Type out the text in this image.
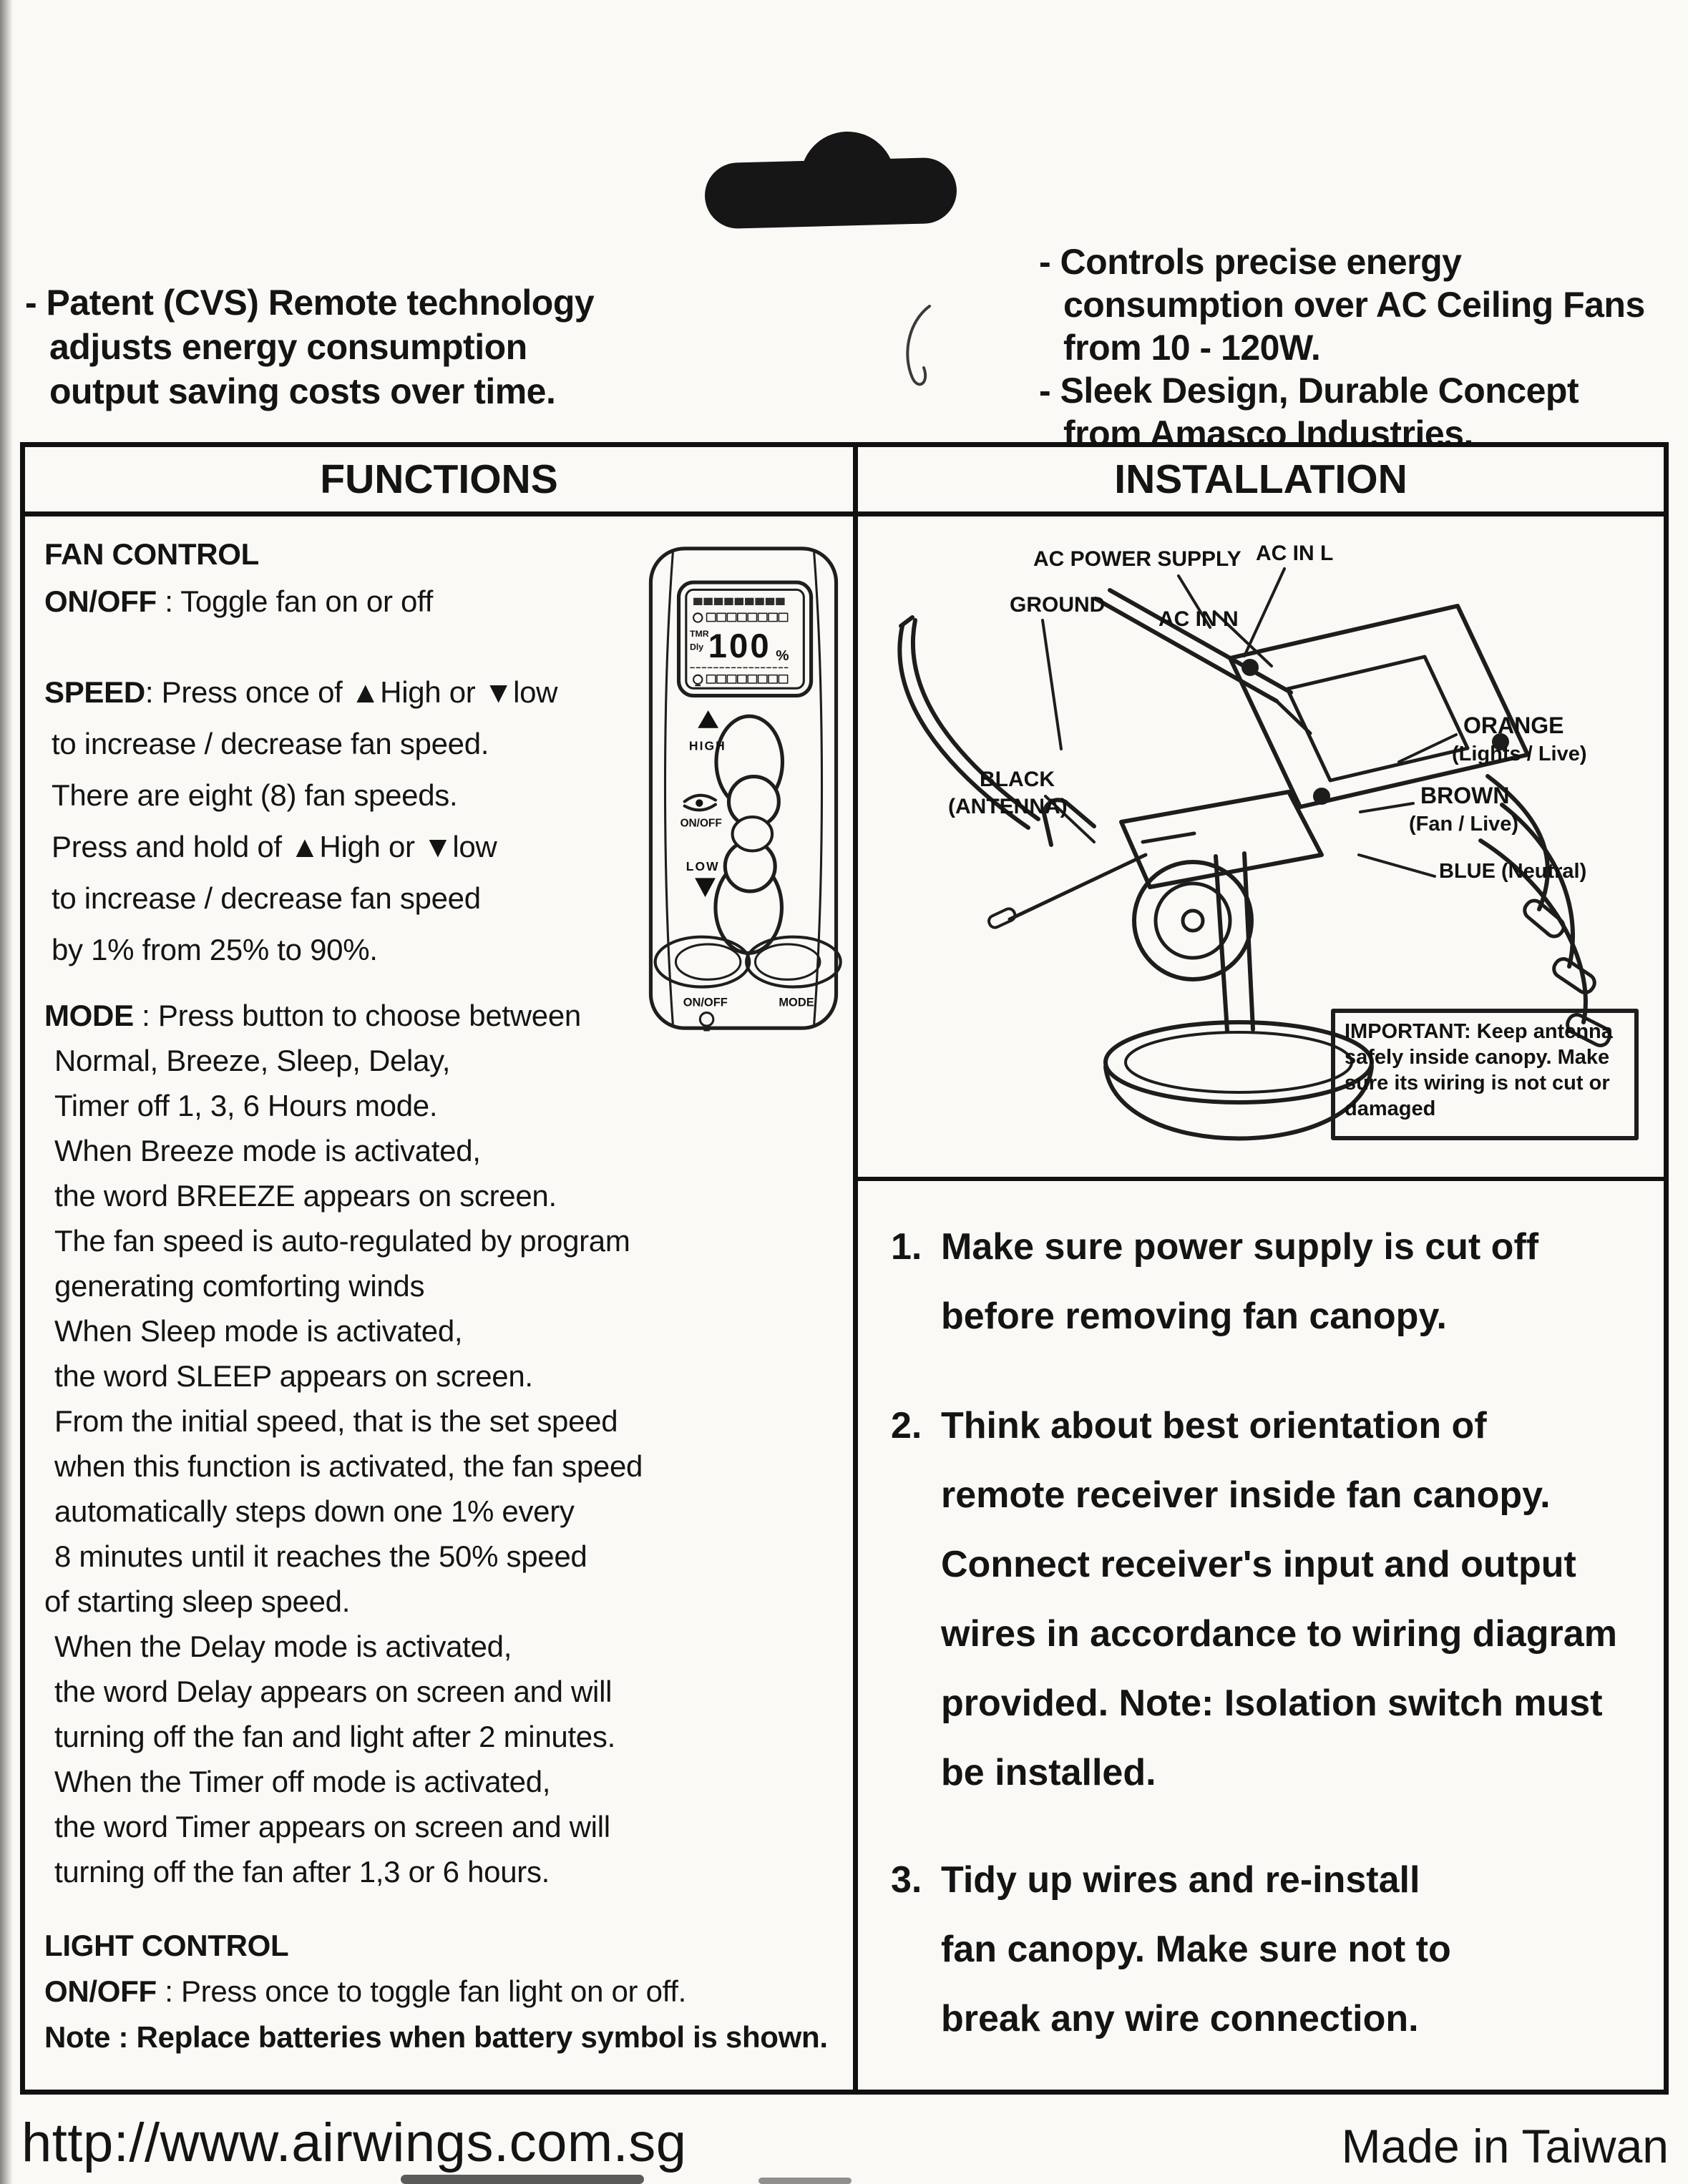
- Patent (CVS) Remote technology
adjusts energy consumption
output saving costs over time.
- Controls precise energy
consumption over AC Ceiling Fans
from 10 - 120W.
- Sleek Design, Durable Concept
from Amasco Industries.
FUNCTIONS	INSTALLATION
FAN CONTROL
ON/OFF : Toggle fan on or off
SPEED: Press once of ▲High or ▼low
to increase / decrease fan speed.
There are eight (8) fan speeds.
Press and hold of ▲High or ▼low
to increase / decrease fan speed
by 1% from 25% to 90%.
MODE : Press button to choose between
Normal, Breeze, Sleep, Delay,
Timer off 1, 3, 6 Hours mode.
When Breeze mode is activated,
the word BREEZE appears on screen.
The fan speed is auto-regulated by program
generating comforting winds
When Sleep mode is activated,
the word SLEEP appears on screen.
From the initial speed, that is the set speed
when this function is activated, the fan speed
automatically steps down one 1% every
8 minutes until it reaches the 50% speed
of starting sleep speed.
When the Delay mode is activated,
the word Delay appears on screen and will
turning off the fan and light after 2 minutes.
When the Timer off mode is activated,
the word Timer appears on screen and will
turning off the fan after 1,3 or 6 hours.
LIGHT CONTROL
ON/OFF : Press once to toggle fan light on or off.
Note : Replace batteries when battery symbol is shown.
100 %
TMR
Dly
HIGH
ON/OFF
LOW
ON/OFF	MODE
AC POWER SUPPLY AC IN L
GROUND
AC IN N
BLACK
(ANTENNA)
ORANGE
(Lights / Live)
BROWN
(Fan / Live)
BLUE (Neutral)
IMPORTANT: Keep antenna
safely inside canopy. Make
sure its wiring is not cut or
damaged
1. Make sure power supply is cut off
before removing fan canopy.
2. Think about best orientation of
remote receiver inside fan canopy.
Connect receiver's input and output
wires in accordance to wiring diagram
provided. Note: Isolation switch must
be installed.
3. Tidy up wires and re-install
fan canopy. Make sure not to
break any wire connection.
http://www.airwings.com.sg	Made in Taiwan
